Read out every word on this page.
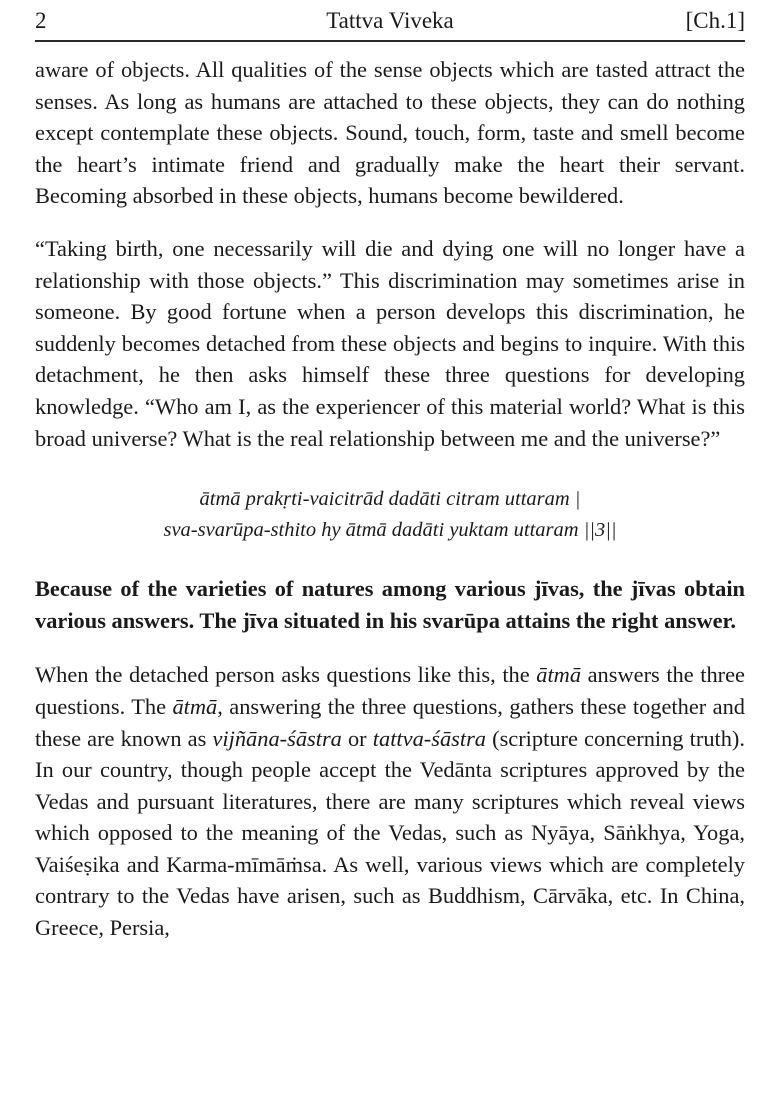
2	Tattva Viveka	[Ch.1]

aware of objects. All qualities of the sense objects which are tasted attract the senses. As long as humans are attached to these objects, they can do nothing except contemplate these objects. Sound, touch, form, taste and smell become the heart’s intimate friend and gradually make the heart their servant. Becoming absorbed in these objects, humans become bewildered.

“Taking birth, one necessarily will die and dying one will no longer have a relationship with those objects.” This discrimination may sometimes arise in someone. By good fortune when a person develops this discrimination, he suddenly becomes detached from these objects and begins to inquire. With this detachment, he then asks himself these three questions for developing knowledge. “Who am I, as the experiencer of this material world? What is this broad universe? What is the real relationship between me and the universe?”

ātmā prakṛti-vaicitrād dadāti citram uttaram |
sva-svarūpa-sthito hy ātmā dadāti yuktam uttaram ||3||

Because of the varieties of natures among various jīvas, the jīvas obtain various answers. The jīva situated in his svarūpa attains the right answer.

When the detached person asks questions like this, the ātmā answers the three questions. The ātmā, answering the three questions, gathers these together and these are known as vijñāna-śāstra or tattva-śāstra (scripture concerning truth). In our country, though people accept the Vedānta scriptures approved by the Vedas and pursuant literatures, there are many scriptures which reveal views which opposed to the meaning of the Vedas, such as Nyāya, Sāṅkhya, Yoga, Vaiśeṣika and Karma-mīmāṁsa. As well, various views which are completely contrary to the Vedas have arisen, such as Buddhism, Cārvāka, etc. In China, Greece, Persia,
